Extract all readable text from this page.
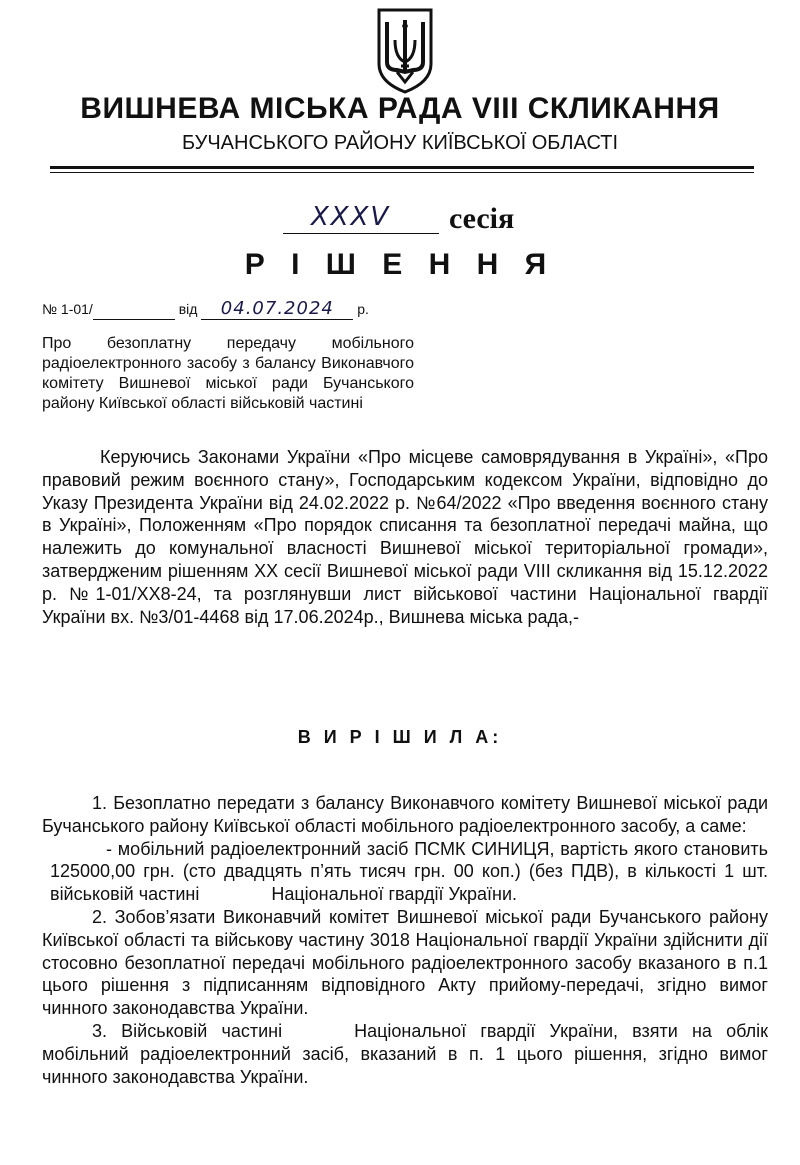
ВИШНЕВА МІСЬКА РАДА VIII СКЛИКАННЯ
БУЧАНСЬКОГО РАЙОНУ КИЇВСЬКОЇ ОБЛАСТІ
XXXV сесія
Р І Ш Е Н Н Я
№ 1-01/	від 04.07.2024 р.
Про безоплатну передачу мобільного радіоелектронного засобу з балансу Виконавчого комітету Вишневої міської ради Бучанського району Київської області військовій частині

Керуючись Законами України «Про місцеве самоврядування в Україні», «Про правовий режим воєнного стану», Господарським кодексом України, відповідно до Указу Президента України від 24.02.2022 р. №64/2022 «Про введення воєнного стану в Україні», Положенням «Про порядок списання та безоплатної передачі майна, що належить до комунальної власності Вишневої міської територіальної громади», затвердженим рішенням XX сесії Вишневої міської ради VIII скликання від 15.12.2022 р. №1-01/XX8-24, та розглянувши лист військової частини Національної гвардії України вх. №3/01-4468 від 17.06.2024р., Вишнева міська рада,-

В И Р І Ш И Л А:

1. Безоплатно передати з балансу Виконавчого комітету Вишневої міської ради Бучанського району Київської області мобільного радіоелектронного засобу, а саме:

- мобільний радіоелектронний засіб ПСМК СИНИЦЯ, вартість якого становить 125000,00 грн. (сто двадцять п’ять тисяч грн. 00 коп.) (без ПДВ), в кількості 1 шт. військовій частині	Національної гвардії України.

2. Зобов’язати Виконавчий комітет Вишневої міської ради Бучанського району Київської області та військову частину 3018 Національної гвардії України здійснити дії стосовно безоплатної передачі мобільного радіоелектронного засобу вказаного в п.1 цього рішення з підписанням відповідного Акту прийому-передачі, згідно вимог чинного законодавства України.

3. Військовій частині	Національної гвардії України, взяти на облік мобільний радіоелектронний засіб, вказаний в п. 1 цього рішення, згідно вимог чинного законодавства України.
